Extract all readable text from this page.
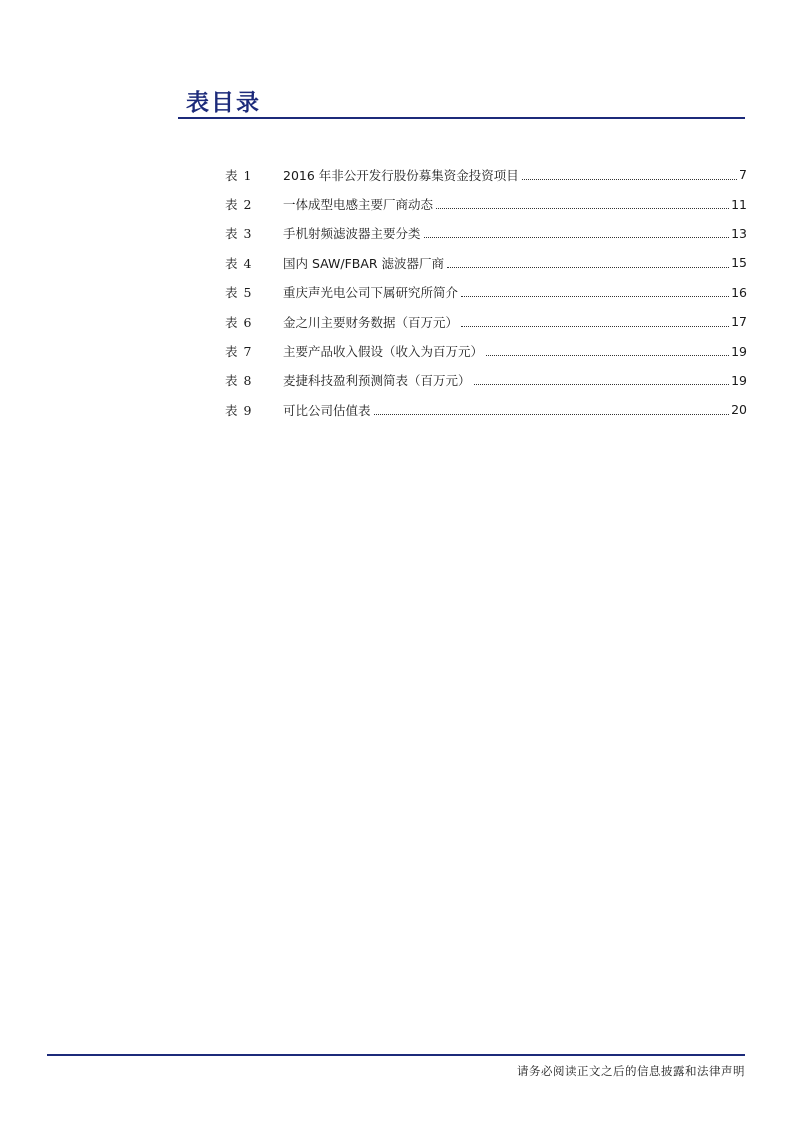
表目录
表 1	2016 年非公开发行股份募集资金投资项目	7
表 2	一体成型电感主要厂商动态	11
表 3	手机射频滤波器主要分类	13
表 4	国内 SAW/FBAR 滤波器厂商	15
表 5	重庆声光电公司下属研究所简介	16
表 6	金之川主要财务数据（百万元）	17
表 7	主要产品收入假设（收入为百万元）	19
表 8	麦捷科技盈利预测简表（百万元）	19
表 9	可比公司估值表	20
请务必阅读正文之后的信息披露和法律声明
